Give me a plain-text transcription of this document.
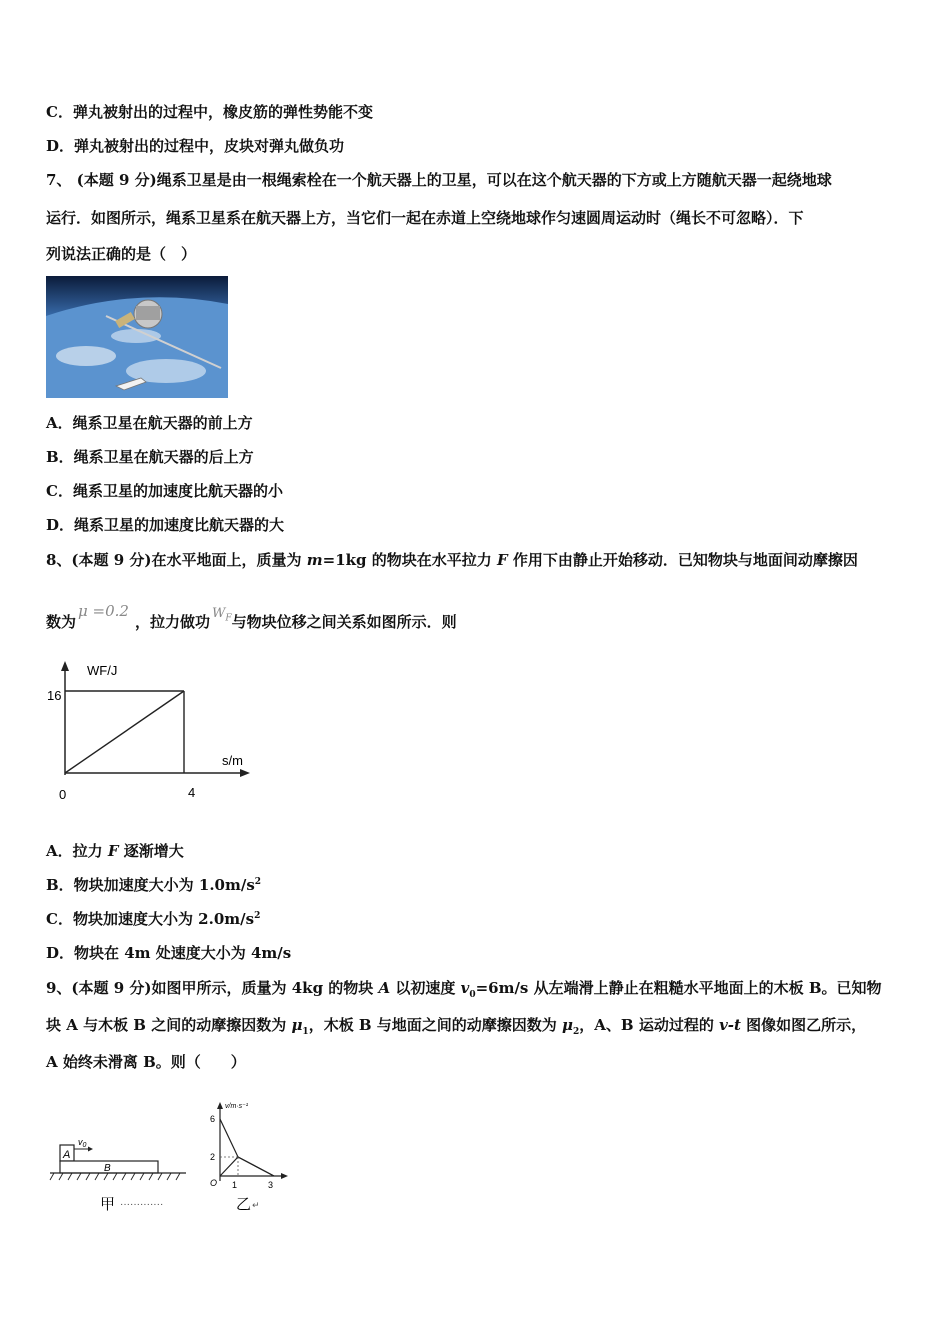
C．弹丸被射出的过程中，橡皮筋的弹性势能不变
D．弹丸被射出的过程中，皮块对弹丸做负功
7、 (本题 9 分)绳系卫星是由一根绳索栓在一个航天器上的卫星，可以在这个航天器的下方或上方随航天器一起绕地球
运行．如图所示，绳系卫星系在航天器上方，当它们一起在赤道上空绕地球作匀速圆周运动时（绳长不可忽略）．下
列说法正确的是（　）
A．绳系卫星在航天器的前上方
B．绳系卫星在航天器的后上方
C．绳系卫星的加速度比航天器的小
D．绳系卫星的加速度比航天器的大
8、(本题 9 分)在水平地面上，质量为 m=1kg 的物块在水平拉力 F 作用下由静止开始移动．已知物块与地面间动摩擦因
数为μ =0.2，拉力做功 $W_F$与物块位移之间关系如图所示．则
WF/J
16
s/m
0	4
A．拉力 F 逐渐增大
B．物块加速度大小为 $1.0m/s^2$
C．物块加速度大小为 $2.0m/s^2$
D．物块在 4m 处速度大小为 4m/s
9、(本题 9 分)如图甲所示，质量为 4kg 的物块 A 以初速度 $v_0=6m/s$ 从左端滑上静止在粗糙水平地面上的木板 B。已知物
块 A 与木板 B 之间的动摩擦因数为 $\mu_1$，木板 B 与地面之间的动摩擦因数为 $\mu_2$，A、B 运动过程的 v-t 图像如图乙所示，
A 始终未滑离 B。则（　　）
A
$v_0$
B
甲 ·············
v/m·s⁻¹
6
2
O 1	3
乙 ↵
